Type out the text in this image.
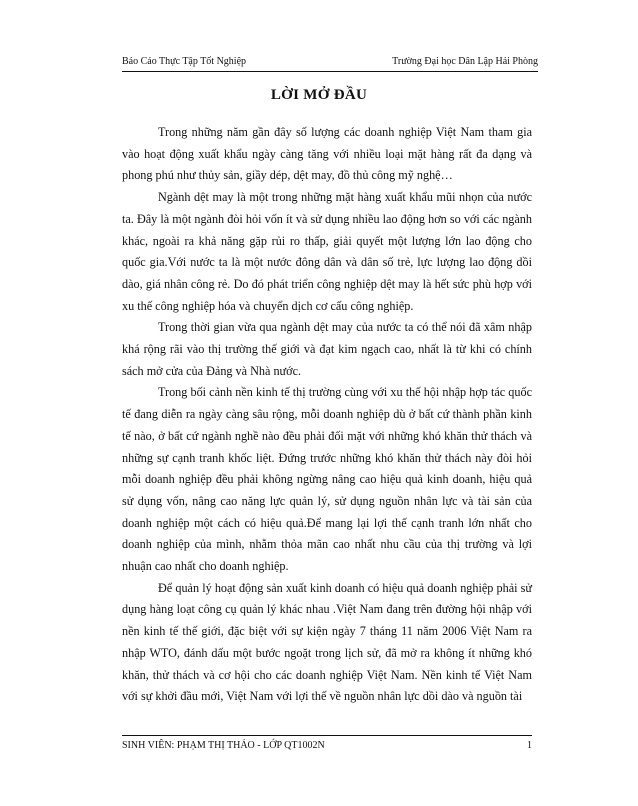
Báo Cáo Thực Tập Tốt Nghiệp	Trường Đại học Dân Lập Hải Phòng

LỜI MỞ ĐẦU

Trong những năm gần đây số lượng các doanh nghiệp Việt Nam tham gia vào hoạt động xuất khẩu ngày càng tăng với nhiều loại mặt hàng rất đa dạng và phong phú như thủy sản, giầy dép, dệt may, đồ thủ công mỹ nghệ…

Ngành dệt may là một trong những mặt hàng xuất khẩu mũi nhọn của nước ta. Đây là một ngành đòi hỏi vốn ít và sử dụng nhiều lao động hơn so với các ngành khác, ngoài ra khả năng gặp rủi ro thấp, giải quyết một lượng lớn lao động cho quốc gia.Với nước ta là một nước đông dân và dân số trẻ, lực lượng lao động dồi dào, giá nhân công rẻ. Do đó phát triển công nghiệp dệt may là hết sức phù hợp với xu thế công nghiệp hóa và chuyển dịch cơ cấu công nghiệp.

Trong thời gian vừa qua ngành dệt may của nước ta có thể nói đã xâm nhập khá rộng rãi vào thị trường thế giới và đạt kim ngạch cao, nhất là từ khi có chính sách mở cửa của Đảng và Nhà nước.

Trong bối cảnh nền kinh tế thị trường cùng với xu thế hội nhập hợp tác quốc tế đang diễn ra ngày càng sâu rộng, mỗi doanh nghiệp dù ở bất cứ thành phần kinh tế nào, ở bất cứ ngành nghề nào đều phải đối mặt với những khó khăn thử thách và những sự cạnh tranh khốc liệt. Đứng trước những khó khăn thử thách này đòi hỏi mỗi doanh nghiệp đều phải không ngừng nâng cao hiệu quả kinh doanh, hiệu quả sử dụng vốn, nâng cao năng lực quản lý, sử dụng nguồn nhân lực và tài sản của doanh nghiệp một cách có hiệu quả.Để mang lại lợi thế cạnh tranh lớn nhất cho doanh nghiệp của mình, nhằm thỏa mãn cao nhất nhu cầu của thị trường và lợi nhuận cao nhất cho doanh nghiệp.

Để quản lý hoạt động sản xuất kinh doanh có hiệu quả doanh nghiệp phải sử dụng hàng loạt công cụ quản lý khác nhau .Việt Nam đang trên đường hội nhập với nền kinh tế thế giới, đặc biệt với sự kiện ngày 7 tháng 11 năm 2006 Việt Nam ra nhập WTO, đánh dấu một bước ngoặt trong lịch sử, đã mở ra không ít những khó khăn, thử thách và cơ hội cho các doanh nghiệp Việt Nam. Nền kinh tế Việt Nam với sự khởi đầu mới, Việt Nam với lợi thế về nguồn nhân lực dồi dào và nguồn tài

SINH VIÊN: PHẠM THỊ THẢO - LỚP QT1002N	1
